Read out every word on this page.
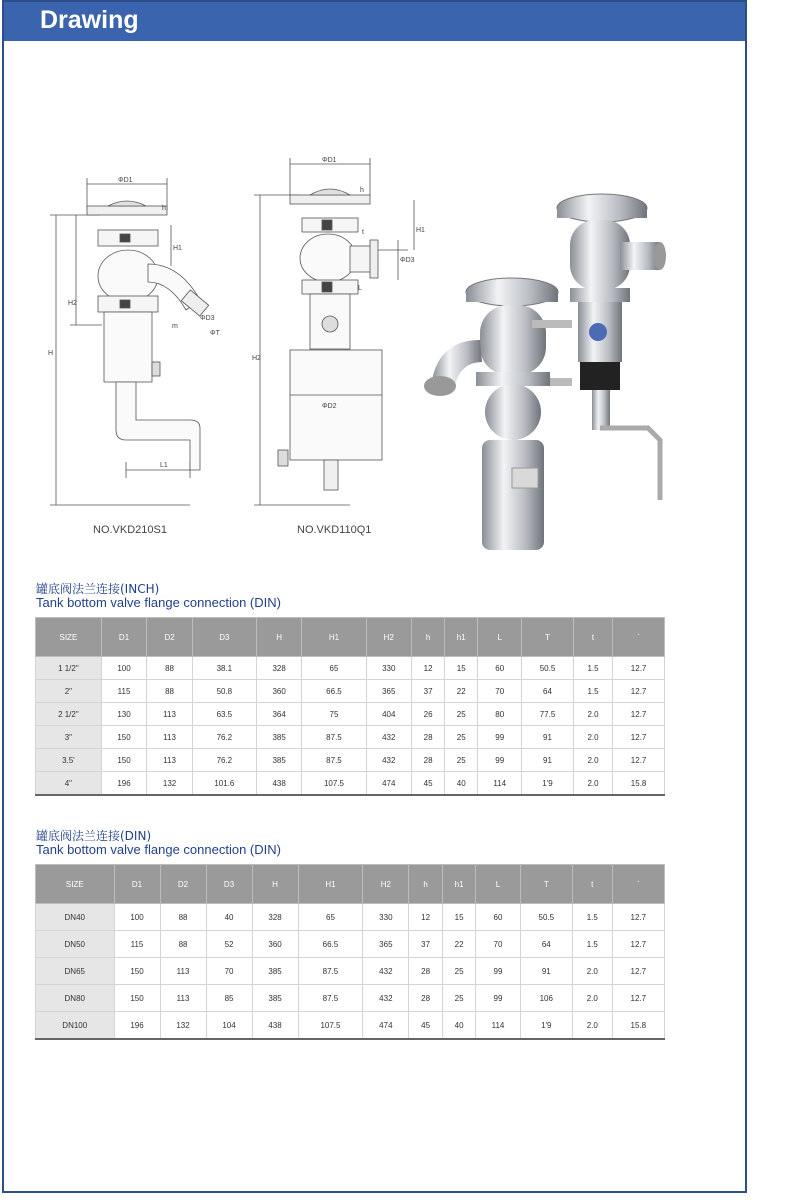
Drawing
ΦD1
h
H
H2
H1
ΦD3
ΦT
m
L1
NO.VKD210S1
ΦD1
h
H2
H1
ΦD3
t
L
ΦD2
NO.VKD110Q1
罐底阀法兰连接(INCH)
Tank bottom valve flange connection (DIN)
SIZE	D1	D2	D3	H	H1	H2	h	h1	L	T	t	`
1 1/2"	100	88	38.1	328	65	330	12	15	60	50.5	1.5	12.7
2"	115	88	50.8	360	66.5	365	37	22	70	64	1.5	12.7
2 1/2"	130	113	63.5	364	75	404	26	25	80	77.5	2.0	12.7
3"	150	113	76.2	385	87.5	432	28	25	99	91	2.0	12.7
3.5'	150	113	76.2	385	87.5	432	28	25	99	91	2.0	12.7
4"	196	132	101.6	438	107.5	474	45	40	114	1'9	2.0	15.8
罐底阀法兰连接(DIN)
Tank bottom valve flange connection (DIN)
SIZE	D1	D2	D3	H	H1	H2	h	h1	L	T	t	`
DN40	100	88	40	328	65	330	12	15	60	50.5	1.5	12.7
DN50	115	88	52	360	66.5	365	37	22	70	64	1.5	12.7
DN65	150	113	70	385	87.5	432	28	25	99	91	2.0	12.7
DN80	150	113	85	385	87.5	432	28	25	99	106	2.0	12.7
DN100	196	132	104	438	107.5	474	45	40	114	1'9	2.0	15.8
